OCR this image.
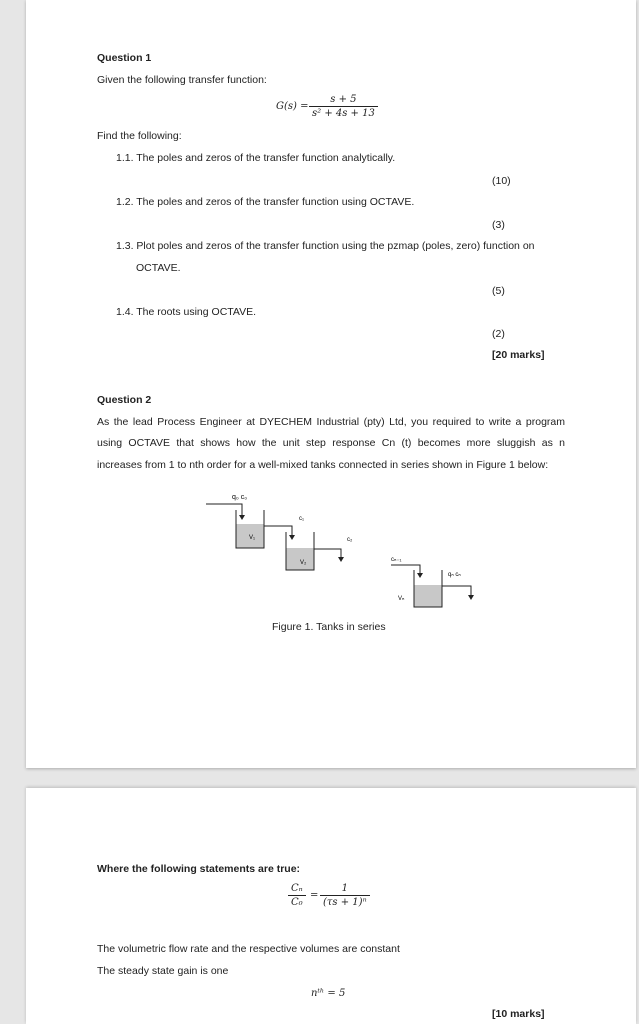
Question 1
Given the following transfer function:
$G(s) = \frac{s + 5}{\text{s² + 4s + 13}}$
Find the following:
1.1. The poles and zeros of the transfer function analytically.
(10)
1.2. The poles and zeros of the transfer function using OCTAVE.
(3)
1.3. Plot poles and zeros of the transfer function using the pzmap (poles, zero) function on
OCTAVE.
(5)
1.4. The roots using OCTAVE.
(2)
[20 marks]
Question 2
As the lead Process Engineer at DYECHEM Industrial (pty) Ltd, you required to write a program
using OCTAVE that shows how the unit step response Cn (t) becomes more sluggish as n
increases from 1 to nth order for a well-mixed tanks connected in series shown in Figure 1 below:
q₀ c₀
c₁
c₂
cₙ₋₁
qₙ cₙ
V₁
V₂
Vₙ
Figure 1. Tanks in series
Where the following statements are true:
$\frac{\text{Cₙ}}{\text{C₀}} = \frac{1}{\text{(τs + 1)ⁿ}}$
The volumetric flow rate and the respective volumes are constant
The steady state gain is one
nᵗʰ = 5
[10 marks]
